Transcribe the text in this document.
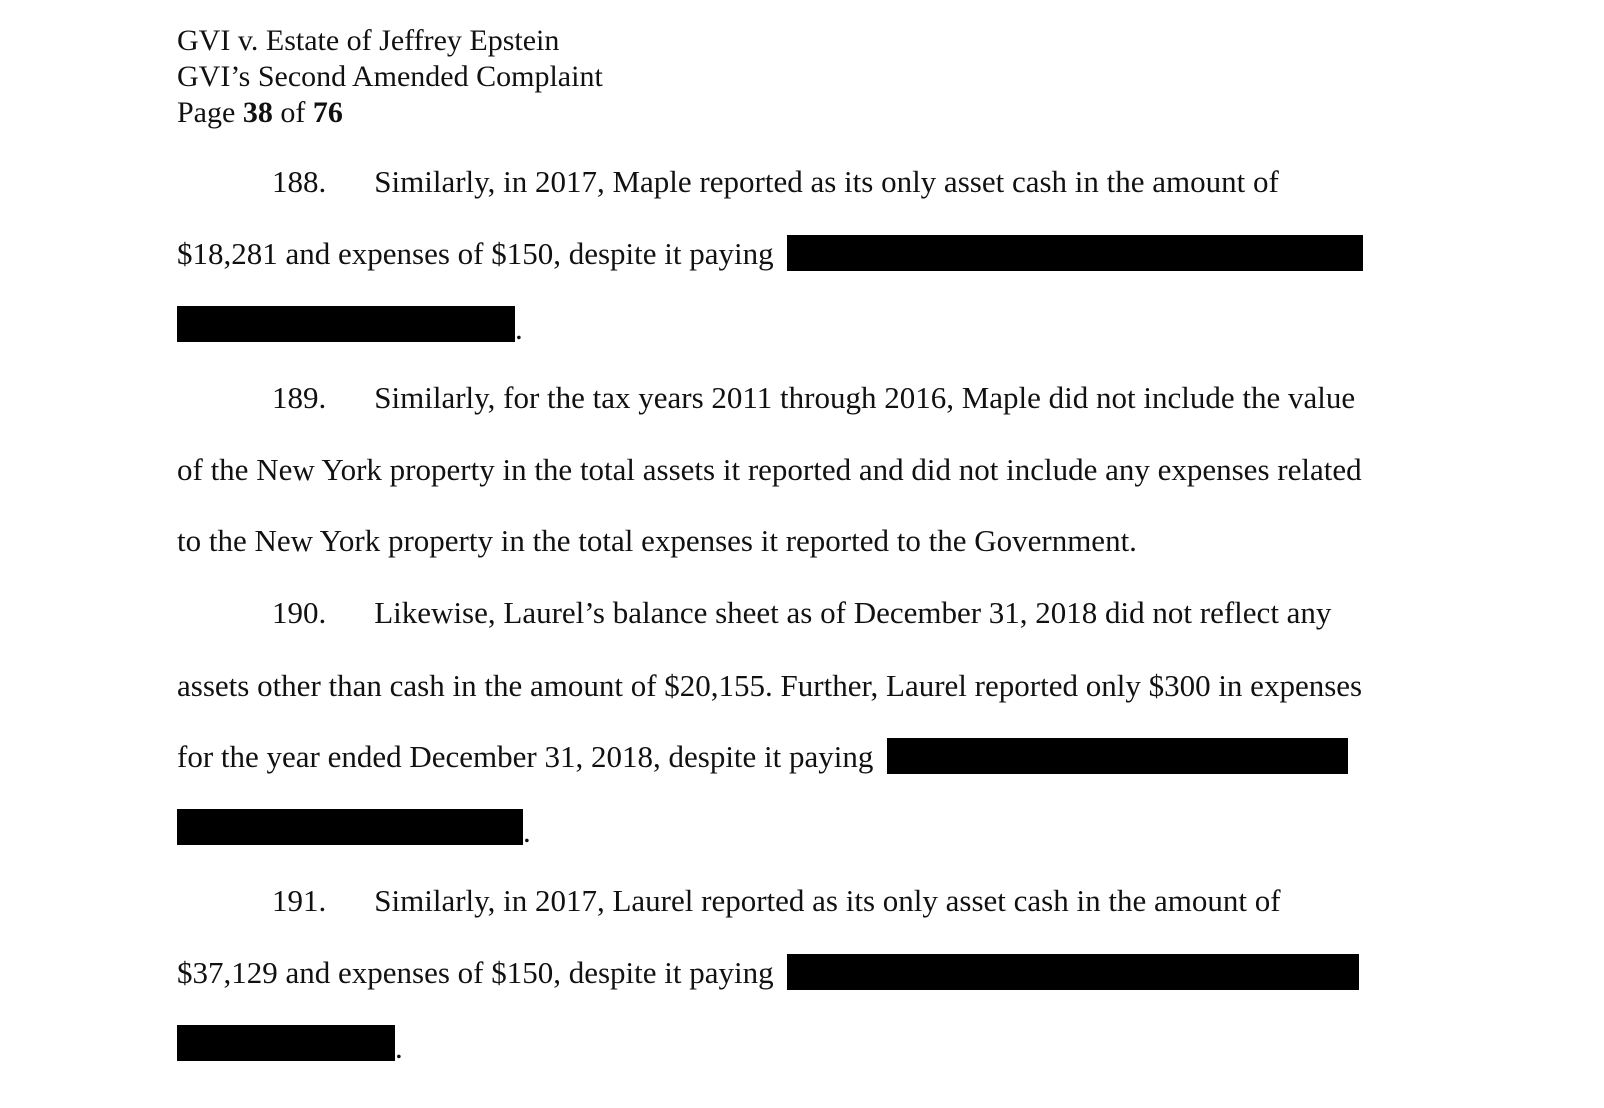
GVI v. Estate of Jeffrey Epstein
GVI’s Second Amended Complaint
Page 38 of 76
188. Similarly, in 2017, Maple reported as its only asset cash in the amount of
$18,281 and expenses of $150, despite it paying
.
189. Similarly, for the tax years 2011 through 2016, Maple did not include the value
of the New York property in the total assets it reported and did not include any expenses related
to the New York property in the total expenses it reported to the Government.
190. Likewise, Laurel’s balance sheet as of December 31, 2018 did not reflect any
assets other than cash in the amount of $20,155. Further, Laurel reported only $300 in expenses
for the year ended December 31, 2018, despite it paying
.
191. Similarly, in 2017, Laurel reported as its only asset cash in the amount of
$37,129 and expenses of $150, despite it paying
.
